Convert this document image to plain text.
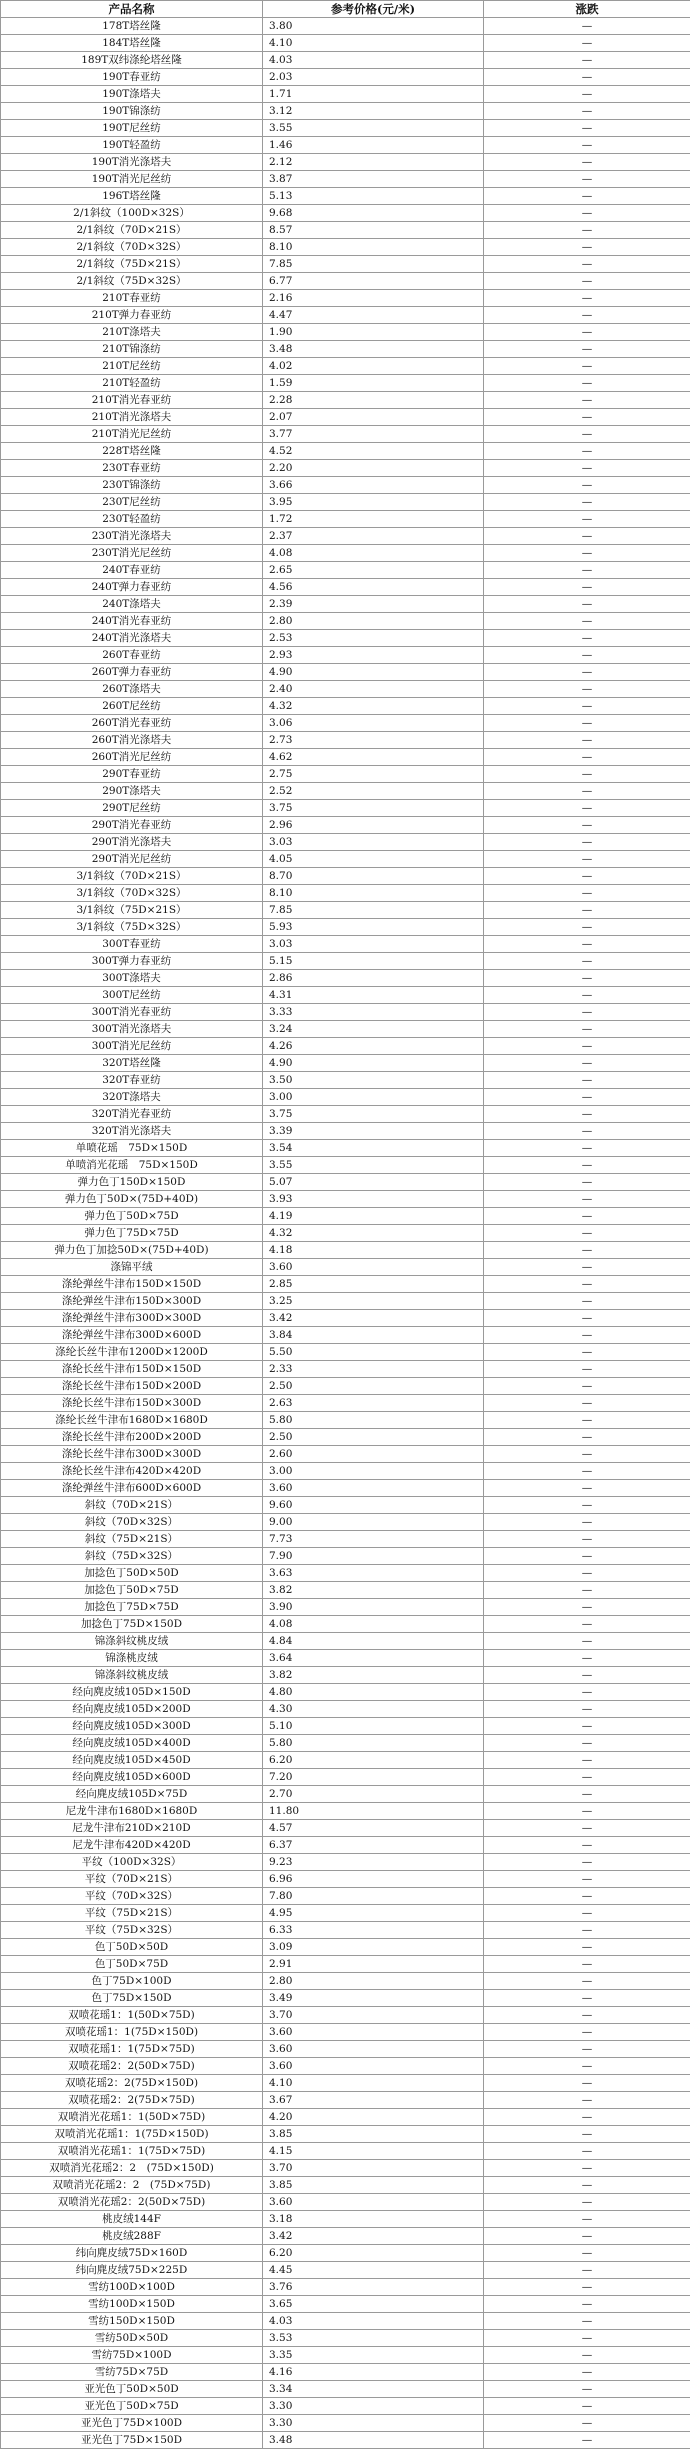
产品名称	参考价格(元/米)	涨跌
178T塔丝隆	3.80	—
184T塔丝隆	4.10	—
189T双纬涤纶塔丝隆	4.03	—
190T春亚纺	2.03	—
190T涤塔夫	1.71	—
190T锦涤纺	3.12	—
190T尼丝纺	3.55	—
190T轻盈纺	1.46	—
190T消光涤塔夫	2.12	—
190T消光尼丝纺	3.87	—
196T塔丝隆	5.13	—
2/1斜纹（100D×32S）	9.68	—
2/1斜纹（70D×21S）	8.57	—
2/1斜纹（70D×32S）	8.10	—
2/1斜纹（75D×21S）	7.85	—
2/1斜纹（75D×32S）	6.77	—
210T春亚纺	2.16	—
210T弹力春亚纺	4.47	—
210T涤塔夫	1.90	—
210T锦涤纺	3.48	—
210T尼丝纺	4.02	—
210T轻盈纺	1.59	—
210T消光春亚纺	2.28	—
210T消光涤塔夫	2.07	—
210T消光尼丝纺	3.77	—
228T塔丝隆	4.52	—
230T春亚纺	2.20	—
230T锦涤纺	3.66	—
230T尼丝纺	3.95	—
230T轻盈纺	1.72	—
230T消光涤塔夫	2.37	—
230T消光尼丝纺	4.08	—
240T春亚纺	2.65	—
240T弹力春亚纺	4.56	—
240T涤塔夫	2.39	—
240T消光春亚纺	2.80	—
240T消光涤塔夫	2.53	—
260T春亚纺	2.93	—
260T弹力春亚纺	4.90	—
260T涤塔夫	2.40	—
260T尼丝纺	4.32	—
260T消光春亚纺	3.06	—
260T消光涤塔夫	2.73	—
260T消光尼丝纺	4.62	—
290T春亚纺	2.75	—
290T涤塔夫	2.52	—
290T尼丝纺	3.75	—
290T消光春亚纺	2.96	—
290T消光涤塔夫	3.03	—
290T消光尼丝纺	4.05	—
3/1斜纹（70D×21S）	8.70	—
3/1斜纹（70D×32S）	8.10	—
3/1斜纹（75D×21S）	7.85	—
3/1斜纹（75D×32S）	5.93	—
300T春亚纺	3.03	—
300T弹力春亚纺	5.15	—
300T涤塔夫	2.86	—
300T尼丝纺	4.31	—
300T消光春亚纺	3.33	—
300T消光涤塔夫	3.24	—
300T消光尼丝纺	4.26	—
320T塔丝隆	4.90	—
320T春亚纺	3.50	—
320T涤塔夫	3.00	—
320T消光春亚纺	3.75	—
320T消光涤塔夫	3.39	—
单喷花瑶　75D×150D	3.54	—
单喷消光花瑶　75D×150D	3.55	—
弹力色丁150D×150D	5.07	—
弹力色丁50D×(75D+40D)	3.93	—
弹力色丁50D×75D	4.19	—
弹力色丁75D×75D	4.32	—
弹力色丁加捻50D×(75D+40D)	4.18	—
涤锦平绒	3.60	—
涤纶弹丝牛津布150D×150D	2.85	—
涤纶弹丝牛津布150D×300D	3.25	—
涤纶弹丝牛津布300D×300D	3.42	—
涤纶弹丝牛津布300D×600D	3.84	—
涤纶长丝牛津布1200D×1200D	5.50	—
涤纶长丝牛津布150D×150D	2.33	—
涤纶长丝牛津布150D×200D	2.50	—
涤纶长丝牛津布150D×300D	2.63	—
涤纶长丝牛津布1680D×1680D	5.80	—
涤纶长丝牛津布200D×200D	2.50	—
涤纶长丝牛津布300D×300D	2.60	—
涤纶长丝牛津布420D×420D	3.00	—
涤纶弹丝牛津布600D×600D	3.60	—
斜纹（70D×21S）	9.60	—
斜纹（70D×32S）	9.00	—
斜纹（75D×21S）	7.73	—
斜纹（75D×32S）	7.90	—
加捻色丁50D×50D	3.63	—
加捻色丁50D×75D	3.82	—
加捻色丁75D×75D	3.90	—
加捻色丁75D×150D	4.08	—
锦涤斜纹桃皮绒	4.84	—
锦涤桃皮绒	3.64	—
锦涤斜纹桃皮绒	3.82	—
经向麂皮绒105D×150D	4.80	—
经向麂皮绒105D×200D	4.30	—
经向麂皮绒105D×300D	5.10	—
经向麂皮绒105D×400D	5.80	—
经向麂皮绒105D×450D	6.20	—
经向麂皮绒105D×600D	7.20	—
经向麂皮绒105D×75D	2.70	—
尼龙牛津布1680D×1680D	11.80	—
尼龙牛津布210D×210D	4.57	—
尼龙牛津布420D×420D	6.37	—
平纹（100D×32S）	9.23	—
平纹（70D×21S）	6.96	—
平纹（70D×32S）	7.80	—
平纹（75D×21S）	4.95	—
平纹（75D×32S）	6.33	—
色丁50D×50D	3.09	—
色丁50D×75D	2.91	—
色丁75D×100D	2.80	—
色丁75D×150D	3.49	—
双喷花瑶1：1(50D×75D)	3.70	—
双喷花瑶1：1(75D×150D)	3.60	—
双喷花瑶1：1(75D×75D)	3.60	—
双喷花瑶2：2(50D×75D)	3.60	—
双喷花瑶2：2(75D×150D)	4.10	—
双喷花瑶2：2(75D×75D)	3.67	—
双喷消光花瑶1：1(50D×75D)	4.20	—
双喷消光花瑶1：1(75D×150D)	3.85	—
双喷消光花瑶1：1(75D×75D)	4.15	—
双喷消光花瑶2：2　(75D×150D)	3.70	—
双喷消光花瑶2：2　(75D×75D)	3.85	—
双喷消光花瑶2：2(50D×75D)	3.60	—
桃皮绒144F	3.18	—
桃皮绒288F	3.42	—
纬向麂皮绒75D×160D	6.20	—
纬向麂皮绒75D×225D	4.45	—
雪纺100D×100D	3.76	—
雪纺100D×150D	3.65	—
雪纺150D×150D	4.03	—
雪纺50D×50D	3.53	—
雪纺75D×100D	3.35	—
雪纺75D×75D	4.16	—
亚光色丁50D×50D	3.34	—
亚光色丁50D×75D	3.30	—
亚光色丁75D×100D	3.30	—
亚光色丁75D×150D	3.48	—
